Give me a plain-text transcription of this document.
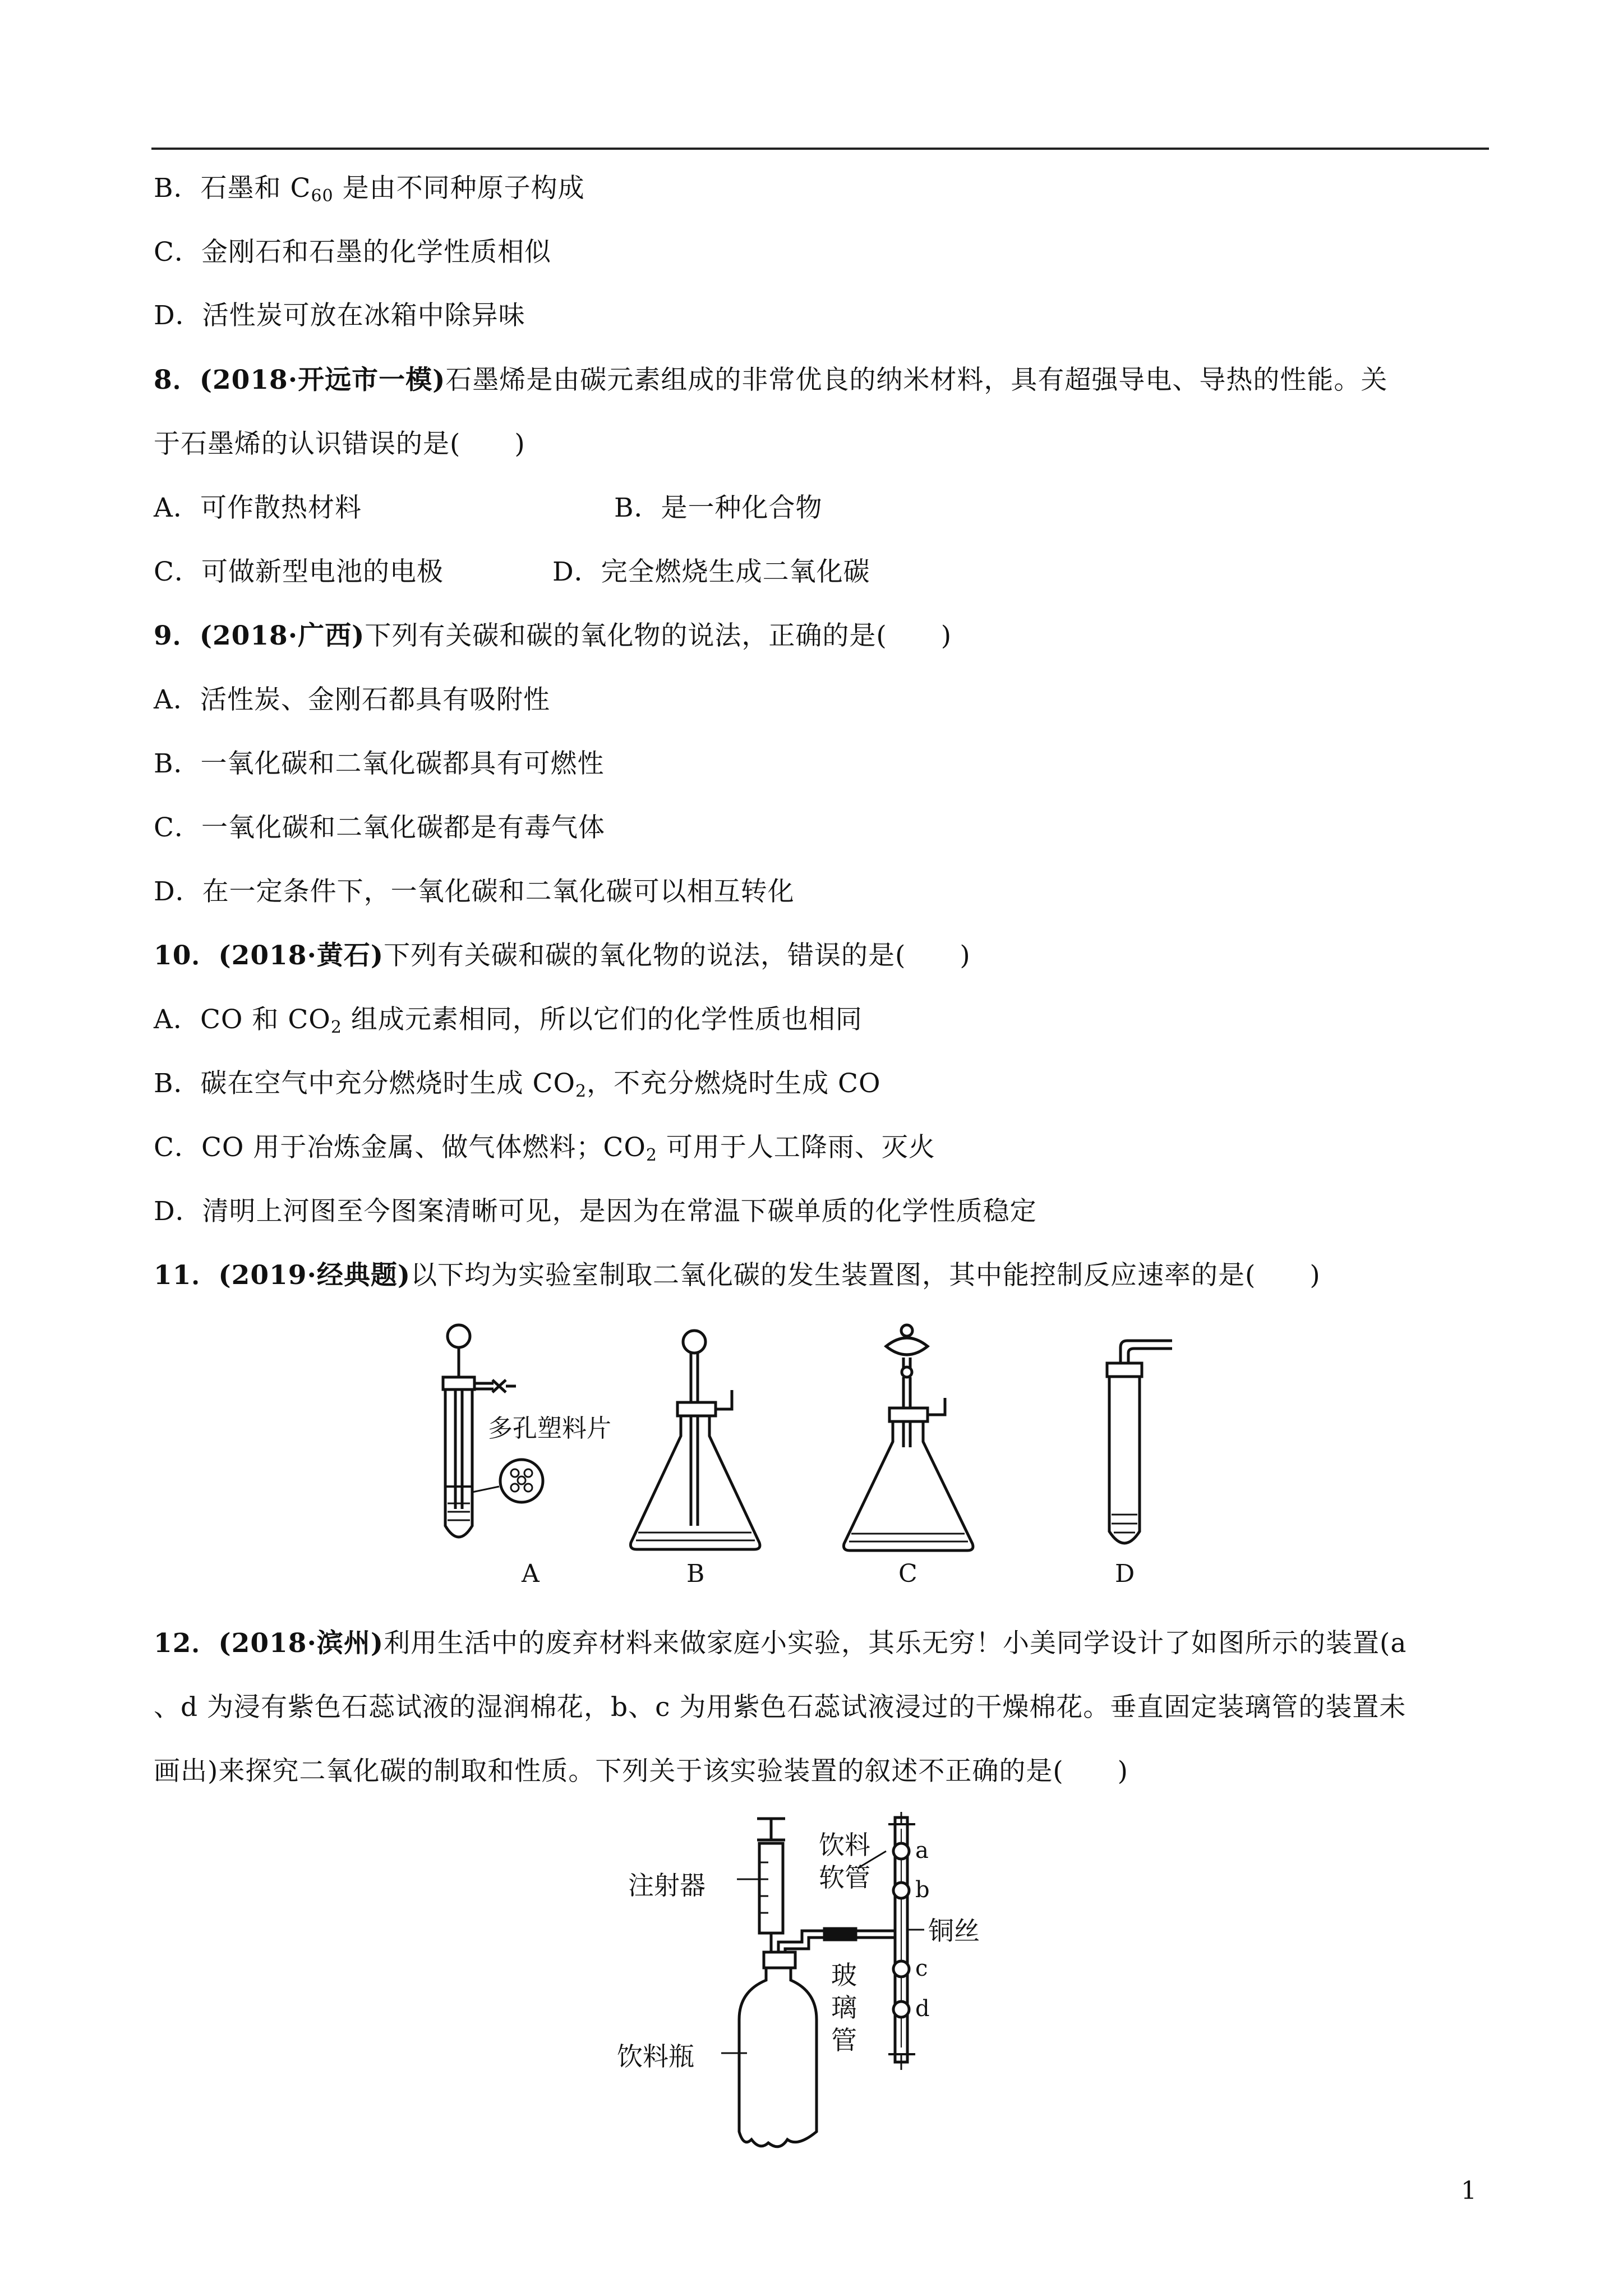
B．石墨和 $C_{60}$ 是由不同种原子构成
C．金刚石和石墨的化学性质相似
D．活性炭可放在冰箱中除异味
8．(2018·开远市一模)石墨烯是由碳元素组成的非常优良的纳米材料，具有超强导电、导热的性能。关
于石墨烯的认识错误的是(　　)
A．可作散热材料	B．是一种化合物
C．可做新型电池的电极	D．完全燃烧生成二氧化碳
9．(2018·广西)下列有关碳和碳的氧化物的说法，正确的是(　　)
A．活性炭、金刚石都具有吸附性
B．一氧化碳和二氧化碳都具有可燃性
C．一氧化碳和二氧化碳都是有毒气体
D．在一定条件下，一氧化碳和二氧化碳可以相互转化
10．(2018·黄石)下列有关碳和碳的氧化物的说法，错误的是(　　)
A．CO 和 $CO_2$ 组成元素相同，所以它们的化学性质也相同
B．碳在空气中充分燃烧时生成 $CO_2$，不充分燃烧时生成 CO
C．CO 用于冶炼金属、做气体燃料；$CO_2$ 可用于人工降雨、灭火
D．清明上河图至今图案清晰可见，是因为在常温下碳单质的化学性质稳定
11．(2019·经典题)以下均为实验室制取二氧化碳的发生装置图，其中能控制反应速率的是(　　)
多孔塑料片
A	B	C	D
12．(2018·滨州)利用生活中的废弃材料来做家庭小实验，其乐无穷！小美同学设计了如图所示的装置(a
、d 为浸有紫色石蕊试液的湿润棉花，b、c 为用紫色石蕊试液浸过的干燥棉花。垂直固定装璃管的装置未
画出)来探究二氧化碳的制取和性质。下列关于该实验装置的叙述不正确的是(　　)
注射器
饮料软管
铜丝
玻璃管
饮料瓶
a
b
c
d
1
